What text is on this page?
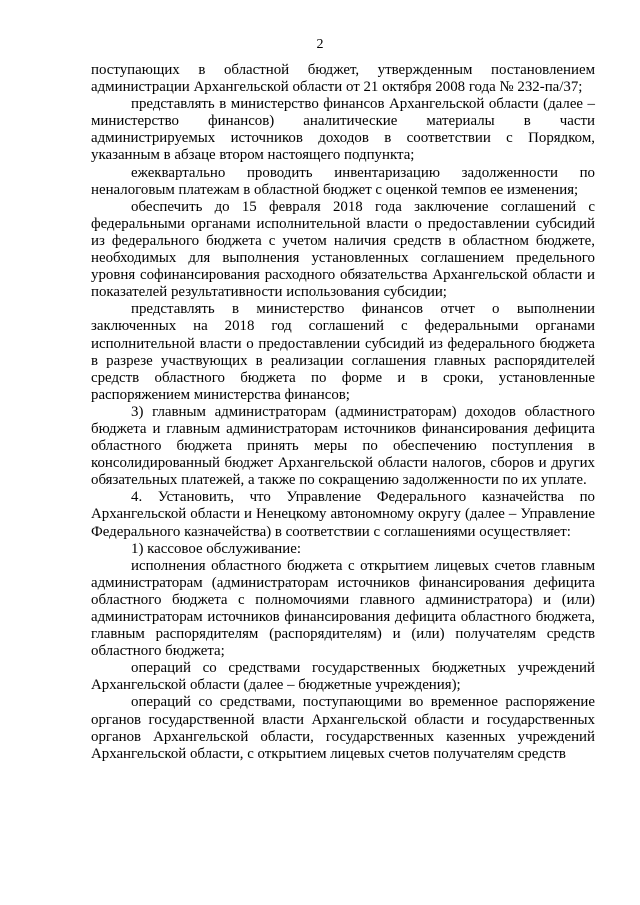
2

поступающих в областной бюджет, утвержденным постановлением администрации Архангельской области от 21 октября 2008 года № 232-па/37;

представлять в министерство финансов Архангельской области (далее – министерство финансов) аналитические материалы в части администрируемых источников доходов в соответствии с Порядком, указанным в абзаце втором настоящего подпункта;

ежеквартально проводить инвентаризацию задолженности по неналоговым платежам в областной бюджет с оценкой темпов ее изменения;

обеспечить до 15 февраля 2018 года заключение соглашений с федеральными органами исполнительной власти о предоставлении субсидий из федерального бюджета с учетом наличия средств в областном бюджете, необходимых для выполнения установленных соглашением предельного уровня софинансирования расходного обязательства Архангельской области и показателей результативности использования субсидии;

представлять в министерство финансов отчет о выполнении заключенных на 2018 год соглашений с федеральными органами исполнительной власти о предоставлении субсидий из федерального бюджета в разрезе участвующих в реализации соглашения главных распорядителей средств областного бюджета по форме и в сроки, установленные распоряжением министерства финансов;

3) главным администраторам (администраторам) доходов областного бюджета и главным администраторам источников финансирования дефицита областного бюджета принять меры по обеспечению поступления в консолидированный бюджет Архангельской области налогов, сборов и других обязательных платежей, а также по сокращению задолженности по их уплате.

4. Установить, что Управление Федерального казначейства по Архангельской области и Ненецкому автономному округу (далее – Управление Федерального казначейства) в соответствии с соглашениями осуществляет:

1) кассовое обслуживание:

исполнения областного бюджета с открытием лицевых счетов главным администраторам (администраторам источников финансирования дефицита областного бюджета с полномочиями главного администратора) и (или) администраторам источников финансирования дефицита областного бюджета, главным распорядителям (распорядителям) и (или) получателям средств областного бюджета;

операций со средствами государственных бюджетных учреждений Архангельской области (далее – бюджетные учреждения);

операций со средствами, поступающими во временное распоряжение органов государственной власти Архангельской области и государственных органов Архангельской области, государственных казенных учреждений Архангельской области, с открытием лицевых счетов получателям средств
